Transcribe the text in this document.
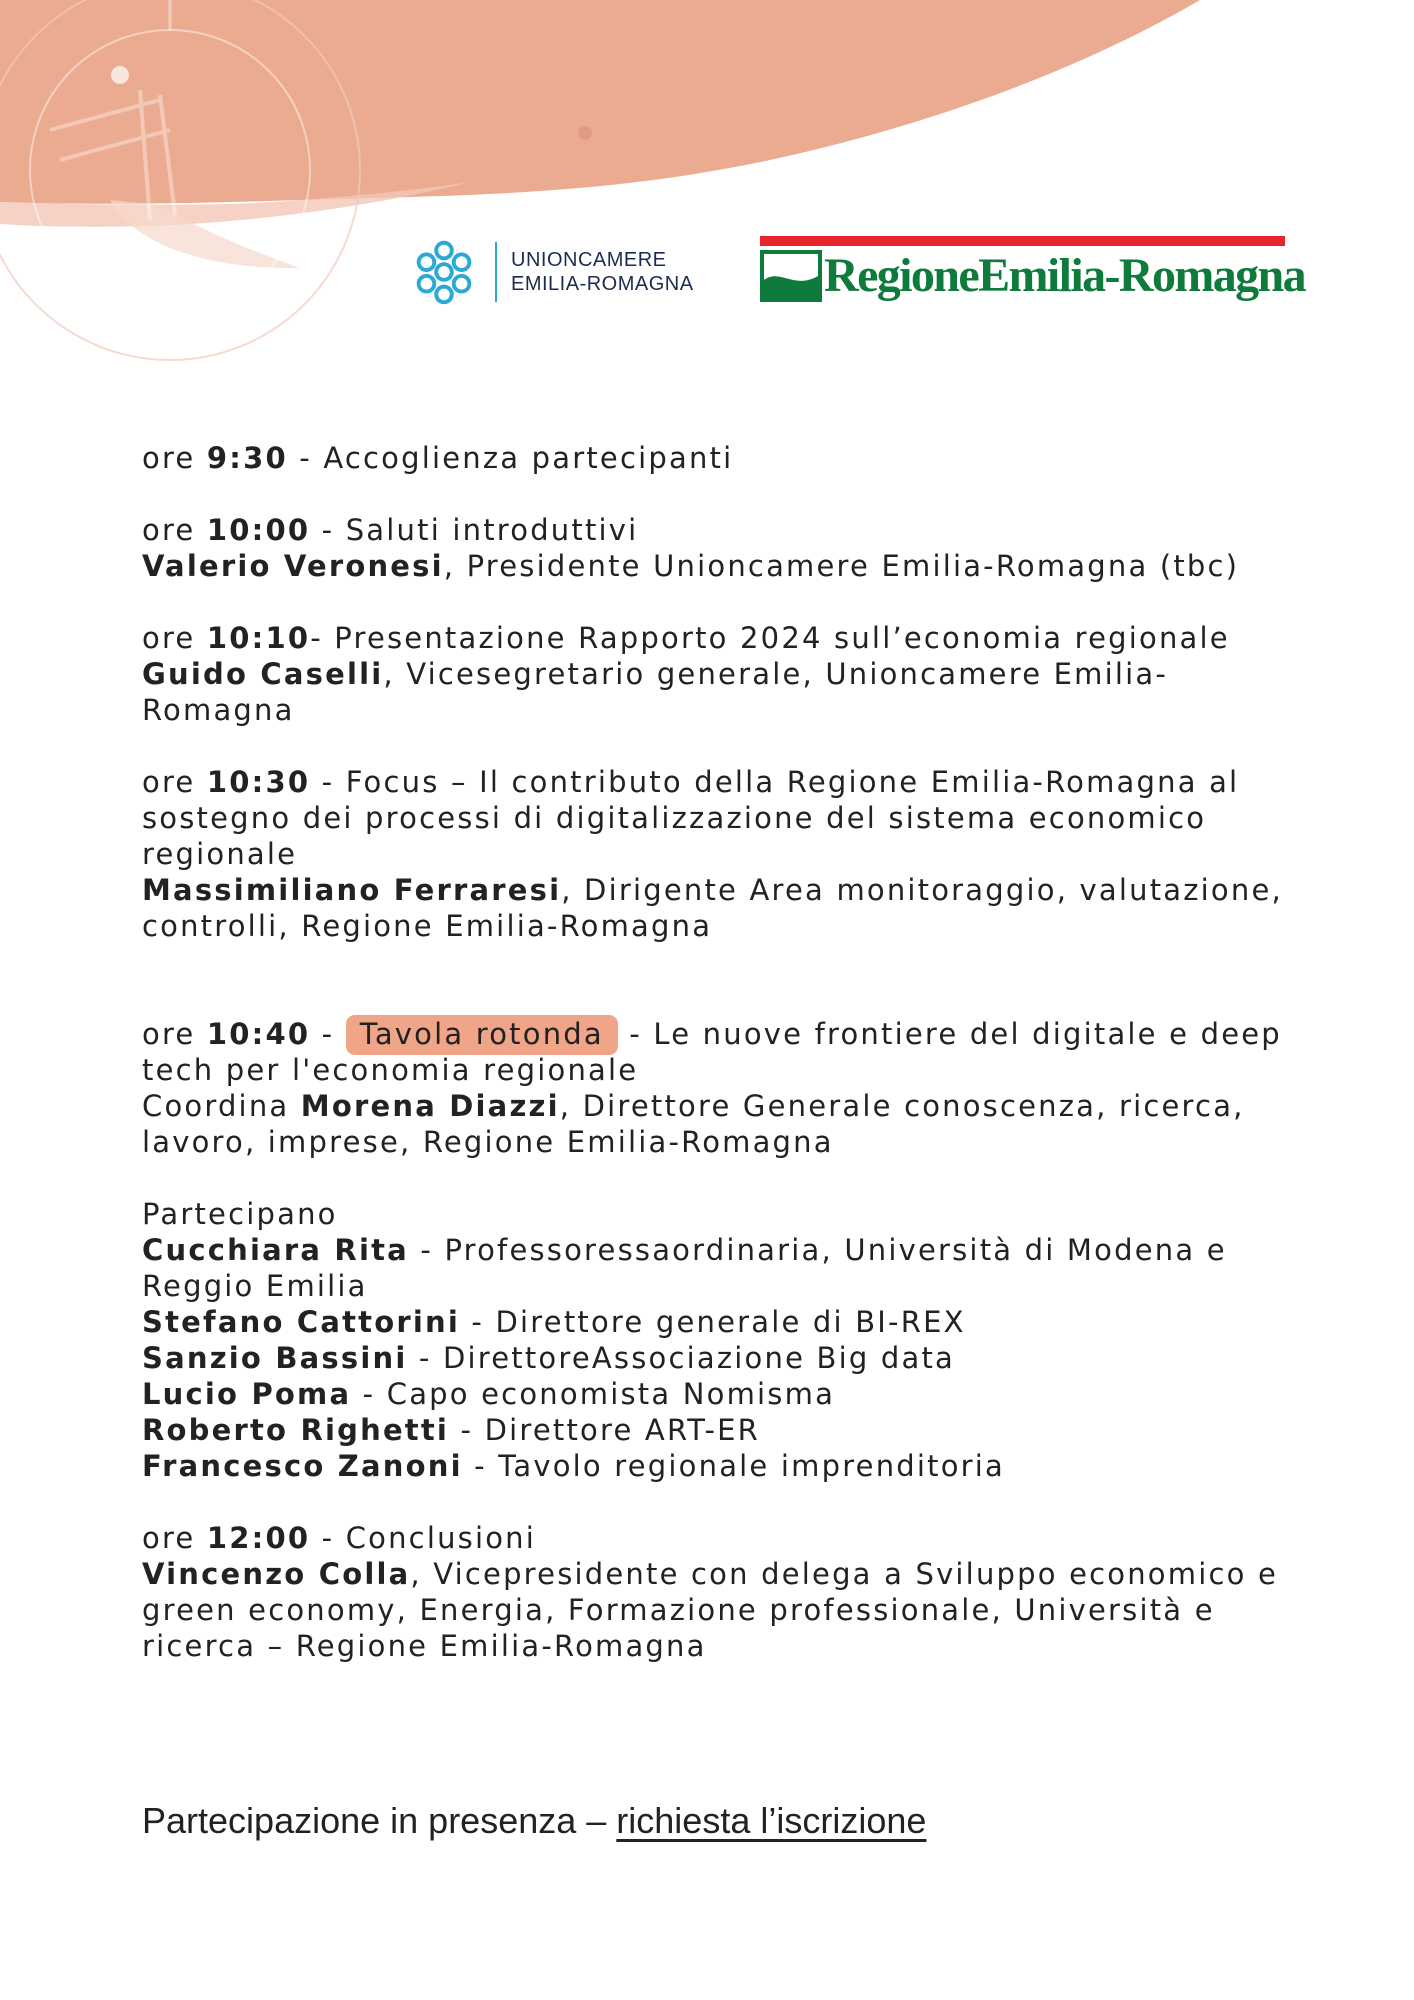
UNIONCAMERE
EMILIA-ROMAGNA	RegioneEmilia-Romagna

ore 9:30 - Accoglienza partecipanti

ore 10:00 - Saluti introduttivi

Valerio Veronesi, Presidente Unioncamere Emilia-Romagna (tbc)

ore 10:10- Presentazione Rapporto 2024 sull’economia regionale

Guido Caselli, Vicesegretario generale, Unioncamere Emilia-Romagna

ore 10:30 - Focus – Il contributo della Regione Emilia-Romagna al sostegno dei processi di digitalizzazione del sistema economico regionale

Massimiliano Ferraresi, Dirigente Area monitoraggio, valutazione, controlli, Regione Emilia-Romagna

ore 10:40 - Tavola rotonda - Le nuove frontiere del digitale e deep tech per l'economia regionale

Coordina Morena Diazzi, Direttore Generale conoscenza, ricerca, lavoro, imprese, Regione Emilia-Romagna

Partecipano

Cucchiara Rita - Professoressaordinaria, Università di Modena e Reggio Emilia

Stefano Cattorini - Direttore generale di BI-REX

Sanzio Bassini - DirettoreAssociazione Big data

Lucio Poma - Capo economista Nomisma

Roberto Righetti - Direttore ART-ER

Francesco Zanoni - Tavolo regionale imprenditoria

ore 12:00 - Conclusioni

Vincenzo Colla, Vicepresidente con delega a Sviluppo economico e green economy, Energia, Formazione professionale, Università e ricerca – Regione Emilia-Romagna

Partecipazione in presenza – richiesta l’iscrizione
